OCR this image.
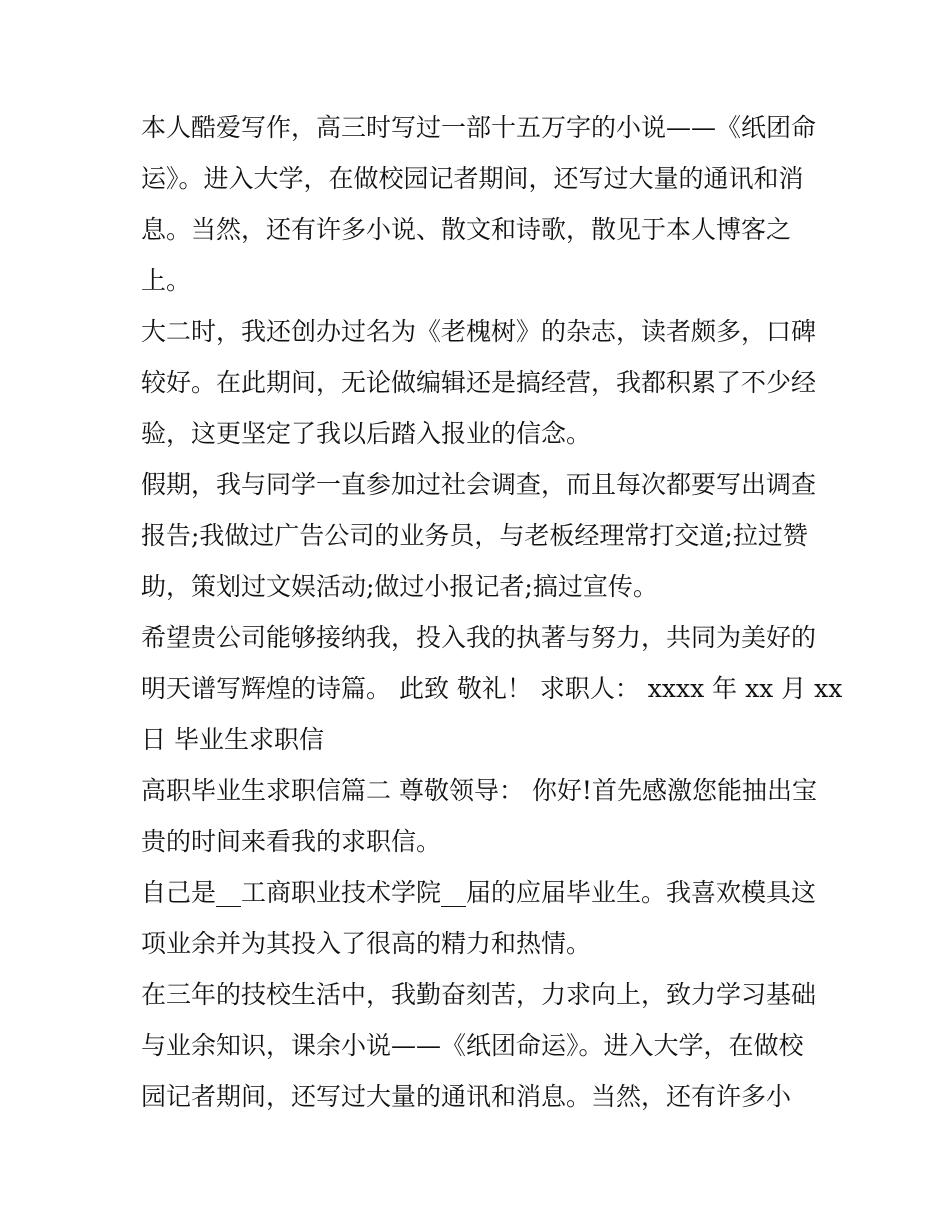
本人酷爱写作，高三时写过一部十五万字的小说——《纸团命
运》。进入大学，在做校园记者期间，还写过大量的通讯和消
息。当然，还有许多小说、散文和诗歌，散见于本人博客之
上。
大二时，我还创办过名为《老槐树》的杂志，读者颇多，口碑
较好。在此期间，无论做编辑还是搞经营，我都积累了不少经
验，这更坚定了我以后踏入报业的信念。
假期，我与同学一直参加过社会调查，而且每次都要写出调查
报告;我做过广告公司的业务员，与老板经理常打交道;拉过赞
助，策划过文娱活动;做过小报记者;搞过宣传。
希望贵公司能够接纳我，投入我的执著与努力，共同为美好的
明天谱写辉煌的诗篇。 此致 敬礼！ 求职人： xxxx 年 xx 月 xx
日 毕业生求职信
高职毕业生求职信篇二 尊敬领导： 你好!首先感激您能抽出宝
贵的时间来看我的求职信。
自己是__工商职业技术学院__届的应届毕业生。我喜欢模具这
项业余并为其投入了很高的精力和热情。
在三年的技校生活中，我勤奋刻苦，力求向上，致力学习基础
与业余知识，课余小说——《纸团命运》。进入大学，在做校
园记者期间，还写过大量的通讯和消息。当然，还有许多小
